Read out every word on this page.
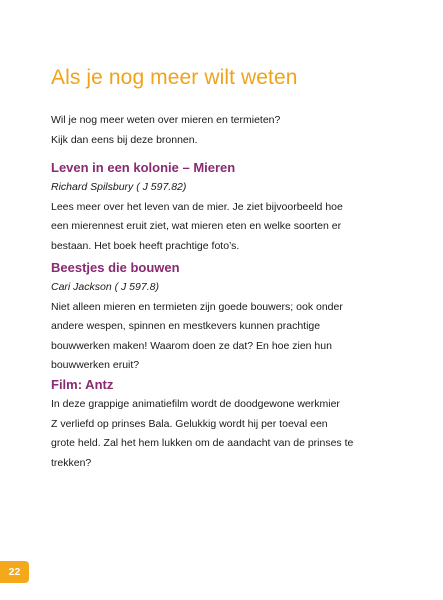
Als je nog meer wilt weten

Wil je nog meer weten over mieren en termieten?
Kijk dan eens bij deze bronnen.

Leven in een kolonie – Mieren

Richard Spilsbury ( J 597.82)

Lees meer over het leven van de mier. Je ziet bijvoorbeeld hoe
een mierennest eruit ziet, wat mieren eten en welke soorten er
bestaan. Het boek heeft prachtige foto’s.

Beestjes die bouwen

Cari Jackson ( J 597.8)

Niet alleen mieren en termieten zijn goede bouwers; ook onder
andere wespen, spinnen en mestkevers kunnen prachtige
bouwwerken maken! Waarom doen ze dat? En hoe zien hun
bouwwerken eruit?

Film: Antz

In deze grappige animatiefilm wordt de doodgewone werkmier
Z verliefd op prinses Bala. Gelukkig wordt hij per toeval een
grote held. Zal het hem lukken om de aandacht van de prinses te
trekken?

22
